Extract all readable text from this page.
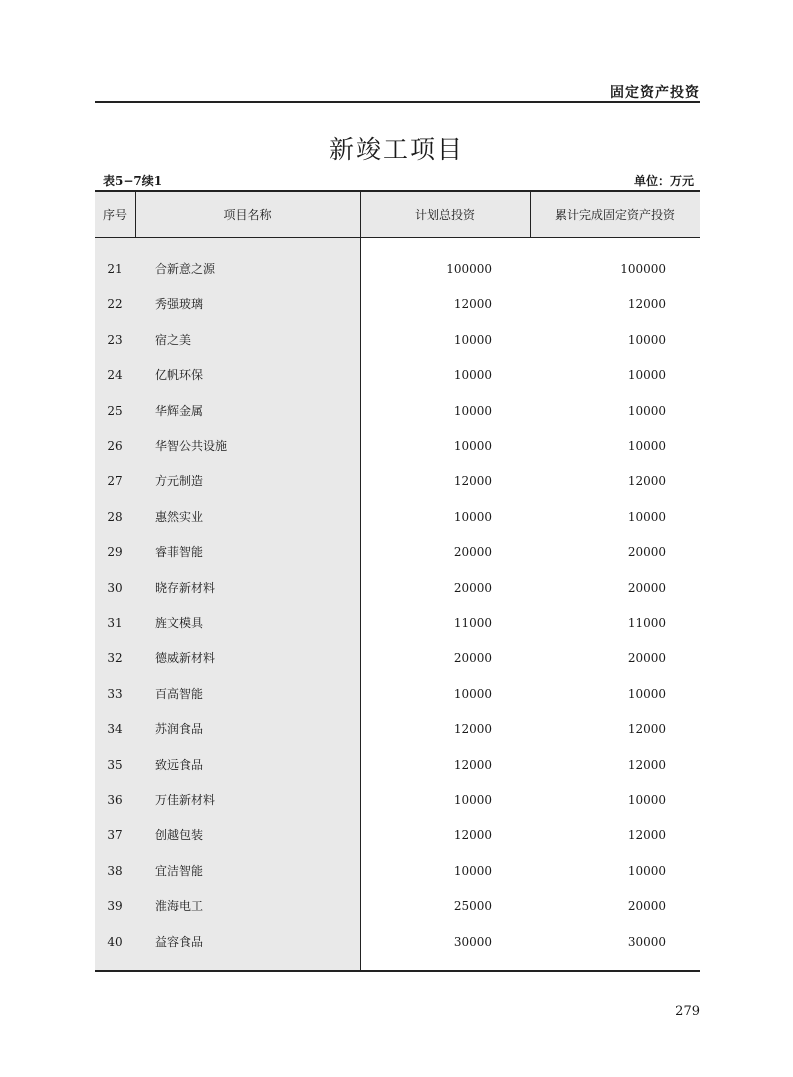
固定资产投资
新竣工项目
表5−7续1	单位：万元
序号	项目名称	计划总投资	累计完成固定资产投资
21	合新意之源	100000	100000
22	秀强玻璃	12000	12000
23	宿之美	10000	10000
24	亿帆环保	10000	10000
25	华辉金属	10000	10000
26	华智公共设施	10000	10000
27	方元制造	12000	12000
28	惠然实业	10000	10000
29	睿菲智能	20000	20000
30	晓存新材料	20000	20000
31	旌文模具	11000	11000
32	德威新材料	20000	20000
33	百高智能	10000	10000
34	苏润食品	12000	12000
35	致远食品	12000	12000
36	万佳新材料	10000	10000
37	创越包装	12000	12000
38	宜洁智能	10000	10000
39	淮海电工	25000	20000
40	益容食品	30000	30000
279
